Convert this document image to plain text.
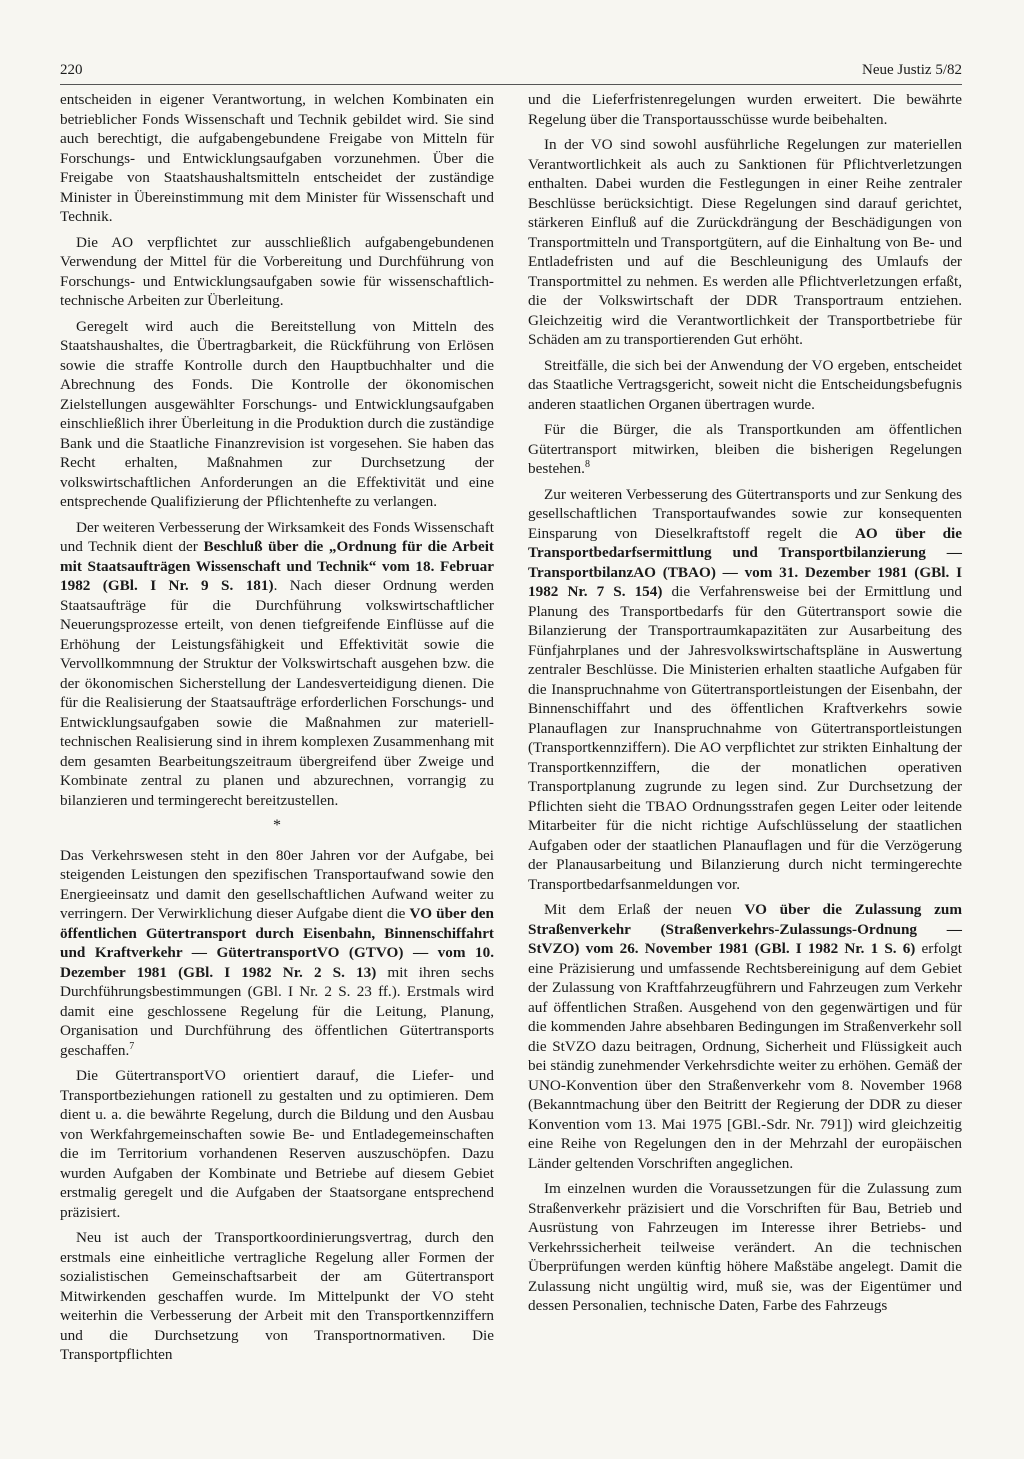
220	Neue Justiz 5/82

entscheiden in eigener Verantwortung, in welchen Kombinaten ein betrieblicher Fonds Wissenschaft und Technik gebildet wird. Sie sind auch berechtigt, die aufgabengebundene Freigabe von Mitteln für Forschungs- und Entwicklungsaufgaben vorzunehmen. Über die Freigabe von Staatshaushaltsmitteln entscheidet der zuständige Minister in Übereinstimmung mit dem Minister für Wissenschaft und Technik.

Die AO verpflichtet zur ausschließlich aufgabengebundenen Verwendung der Mittel für die Vorbereitung und Durchführung von Forschungs- und Entwicklungsaufgaben sowie für wissenschaftlich-technische Arbeiten zur Überleitung.

Geregelt wird auch die Bereitstellung von Mitteln des Staatshaushaltes, die Übertragbarkeit, die Rückführung von Erlösen sowie die straffe Kontrolle durch den Hauptbuchhalter und die Abrechnung des Fonds. Die Kontrolle der ökonomischen Zielstellungen ausgewählter Forschungs- und Entwicklungsaufgaben einschließlich ihrer Überleitung in die Produktion durch die zuständige Bank und die Staatliche Finanzrevision ist vorgesehen. Sie haben das Recht erhalten, Maßnahmen zur Durchsetzung der volkswirtschaftlichen Anforderungen an die Effektivität und eine entsprechende Qualifizierung der Pflichtenhefte zu verlangen.

Der weiteren Verbesserung der Wirksamkeit des Fonds Wissenschaft und Technik dient der Beschluß über die „Ordnung für die Arbeit mit Staatsaufträgen Wissenschaft und Technik“ vom 18. Februar 1982 (GBl. I Nr. 9 S. 181). Nach dieser Ordnung werden Staatsaufträge für die Durchführung volkswirtschaftlicher Neuerungsprozesse erteilt, von denen tiefgreifende Einflüsse auf die Erhöhung der Leistungsfähigkeit und Effektivität sowie die Vervollkommnung der Struktur der Volkswirtschaft ausgehen bzw. die der ökonomischen Sicherstellung der Landesverteidigung dienen. Die für die Realisierung der Staatsaufträge erforderlichen Forschungs- und Entwicklungsaufgaben sowie die Maßnahmen zur materiell-technischen Realisierung sind in ihrem komplexen Zusammenhang mit dem gesamten Bearbeitungszeitraum übergreifend über Zweige und Kombinate zentral zu planen und abzurechnen, vorrangig zu bilanzieren und termingerecht bereitzustellen.

*

Das Verkehrswesen steht in den 80er Jahren vor der Aufgabe, bei steigenden Leistungen den spezifischen Transportaufwand sowie den Energieeinsatz und damit den gesellschaftlichen Aufwand weiter zu verringern. Der Verwirklichung dieser Aufgabe dient die VO über den öffentlichen Gütertransport durch Eisenbahn, Binnenschiffahrt und Kraftverkehr — GütertransportVO (GTVO) — vom 10. Dezember 1981 (GBl. I 1982 Nr. 2 S. 13) mit ihren sechs Durchführungsbestimmungen (GBl. I Nr. 2 S. 23 ff.). Erstmals wird damit eine geschlossene Regelung für die Leitung, Planung, Organisation und Durchführung des öffentlichen Gütertransports geschaffen.$^7$

Die GütertransportVO orientiert darauf, die Liefer- und Transportbeziehungen rationell zu gestalten und zu optimieren. Dem dient u. a. die bewährte Regelung, durch die Bildung und den Ausbau von Werkfahrgemeinschaften sowie Be- und Entladegemeinschaften die im Territorium vorhandenen Reserven auszuschöpfen. Dazu wurden Aufgaben der Kombinate und Betriebe auf diesem Gebiet erstmalig geregelt und die Aufgaben der Staatsorgane entsprechend präzisiert.

Neu ist auch der Transportkoordinierungsvertrag, durch den erstmals eine einheitliche vertragliche Regelung aller Formen der sozialistischen Gemeinschaftsarbeit der am Gütertransport Mitwirkenden geschaffen wurde. Im Mittelpunkt der VO steht weiterhin die Verbesserung der Arbeit mit den Transportkennziffern und die Durchsetzung von Transportnormativen. Die Transportpflichten

und die Lieferfristenregelungen wurden erweitert. Die bewährte Regelung über die Transportausschüsse wurde beibehalten.

In der VO sind sowohl ausführliche Regelungen zur materiellen Verantwortlichkeit als auch zu Sanktionen für Pflichtverletzungen enthalten. Dabei wurden die Festlegungen in einer Reihe zentraler Beschlüsse berücksichtigt. Diese Regelungen sind darauf gerichtet, stärkeren Einfluß auf die Zurückdrängung der Beschädigungen von Transportmitteln und Transportgütern, auf die Einhaltung von Be- und Entladefristen und auf die Beschleunigung des Umlaufs der Transportmittel zu nehmen. Es werden alle Pflichtverletzungen erfaßt, die der Volkswirtschaft der DDR Transportraum entziehen. Gleichzeitig wird die Verantwortlichkeit der Transportbetriebe für Schäden am zu transportierenden Gut erhöht.

Streitfälle, die sich bei der Anwendung der VO ergeben, entscheidet das Staatliche Vertragsgericht, soweit nicht die Entscheidungsbefugnis anderen staatlichen Organen übertragen wurde.

Für die Bürger, die als Transportkunden am öffentlichen Gütertransport mitwirken, bleiben die bisherigen Regelungen bestehen.$^8$

Zur weiteren Verbesserung des Gütertransports und zur Senkung des gesellschaftlichen Transportaufwandes sowie zur konsequenten Einsparung von Dieselkraftstoff regelt die AO über die Transportbedarfsermittlung und Transportbilanzierung — TransportbilanzAO (TBAO) — vom 31. Dezember 1981 (GBl. I 1982 Nr. 7 S. 154) die Verfahrensweise bei der Ermittlung und Planung des Transportbedarfs für den Gütertransport sowie die Bilanzierung der Transportraumkapazitäten zur Ausarbeitung des Fünfjahrplanes und der Jahresvolkswirtschaftspläne in Auswertung zentraler Beschlüsse. Die Ministerien erhalten staatliche Aufgaben für die Inanspruchnahme von Gütertransportleistungen der Eisenbahn, der Binnenschiffahrt und des öffentlichen Kraftverkehrs sowie Planauflagen zur Inanspruchnahme von Gütertransportleistungen (Transportkennziffern). Die AO verpflichtet zur strikten Einhaltung der Transportkennziffern, die der monatlichen operativen Transportplanung zugrunde zu legen sind. Zur Durchsetzung der Pflichten sieht die TBAO Ordnungsstrafen gegen Leiter oder leitende Mitarbeiter für die nicht richtige Aufschlüsselung der staatlichen Aufgaben oder der staatlichen Planauflagen und für die Verzögerung der Planausarbeitung und Bilanzierung durch nicht termingerechte Transportbedarfsanmeldungen vor.

Mit dem Erlaß der neuen VO über die Zulassung zum Straßenverkehr (Straßenverkehrs-Zulassungs-Ordnung — StVZO) vom 26. November 1981 (GBl. I 1982 Nr. 1 S. 6) erfolgt eine Präzisierung und umfassende Rechtsbereinigung auf dem Gebiet der Zulassung von Kraftfahrzeugführern und Fahrzeugen zum Verkehr auf öffentlichen Straßen. Ausgehend von den gegenwärtigen und für die kommenden Jahre absehbaren Bedingungen im Straßenverkehr soll die StVZO dazu beitragen, Ordnung, Sicherheit und Flüssigkeit auch bei ständig zunehmender Verkehrsdichte weiter zu erhöhen. Gemäß der UNO-Konvention über den Straßenverkehr vom 8. November 1968 (Bekanntmachung über den Beitritt der Regierung der DDR zu dieser Konvention vom 13. Mai 1975 [GBl.-Sdr. Nr. 791]) wird gleichzeitig eine Reihe von Regelungen den in der Mehrzahl der europäischen Länder geltenden Vorschriften angeglichen.

Im einzelnen wurden die Voraussetzungen für die Zulassung zum Straßenverkehr präzisiert und die Vorschriften für Bau, Betrieb und Ausrüstung von Fahrzeugen im Interesse ihrer Betriebs- und Verkehrssicherheit teilweise verändert. An die technischen Überprüfungen werden künftig höhere Maßstäbe angelegt. Damit die Zulassung nicht ungültig wird, muß sie, was der Eigentümer und dessen Personalien, technische Daten, Farbe des Fahrzeugs
